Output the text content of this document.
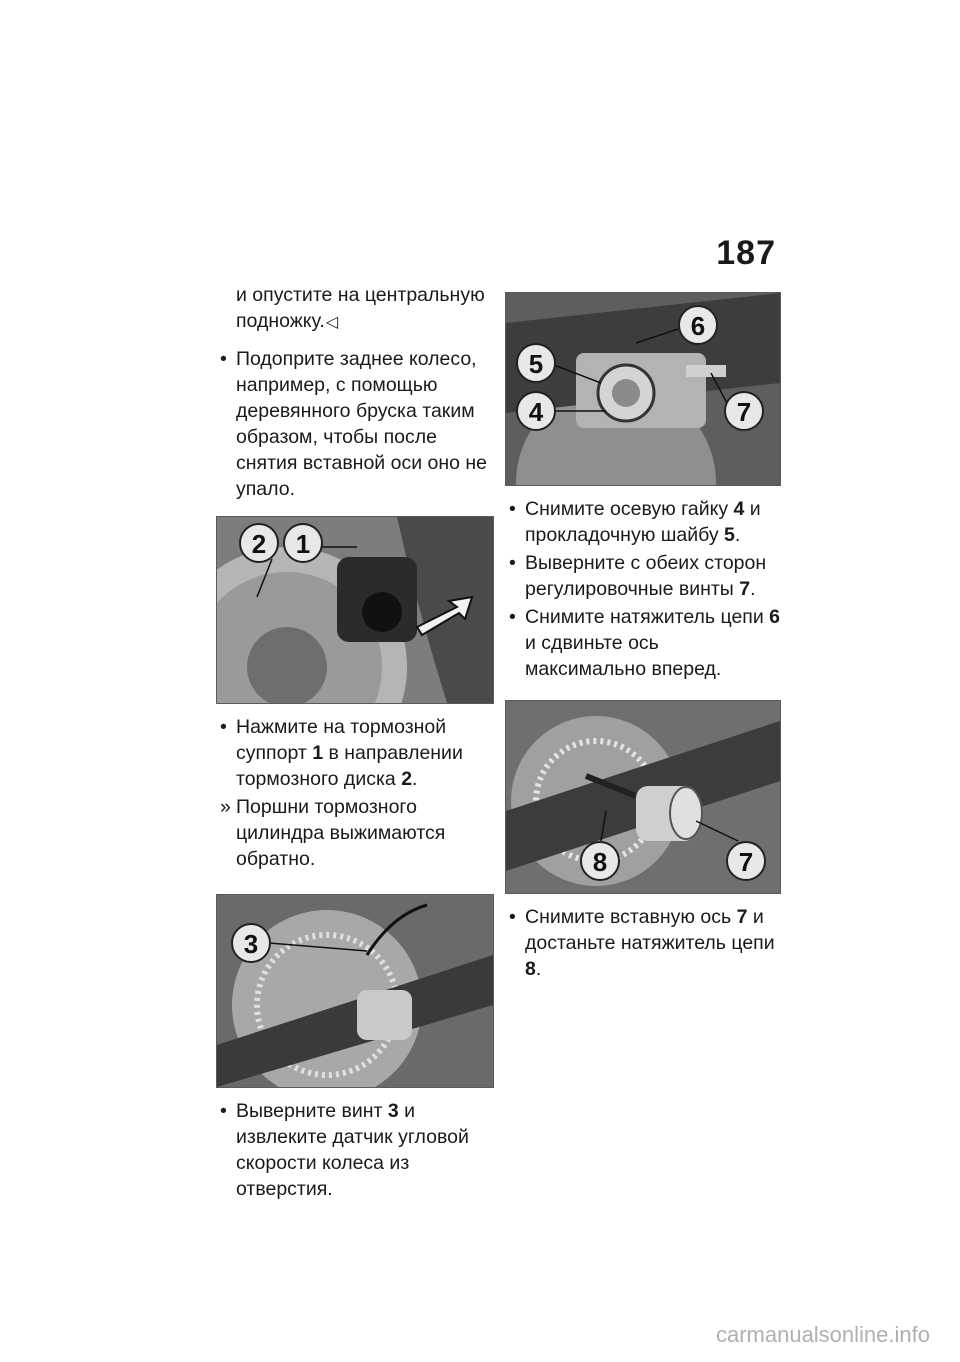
187

и опустите на центральную
подножку.◁

• Подоприте заднее колесо, например, с помощью деревянного бруска таким образом, чтобы после снятия вставной оси оно не упало.

2 1

• Нажмите на тормозной суппорт 1 в направлении тормозного диска 2.

» Поршни тормозного цилиндра выжимаются обратно.

3

• Выверните винт 3 и извлеките датчик угловой скорости колеса из отверстия.

6
5
4	7

• Снимите осевую гайку 4 и прокладочную шайбу 5.

• Выверните с обеих сторон регулировочные винты 7.

• Снимите натяжитель цепи 6 и сдвиньте ось максимально вперед.

8	7

• Снимите вставную ось 7 и достаньте натяжитель цепи 8.

carmanualsonline.info
